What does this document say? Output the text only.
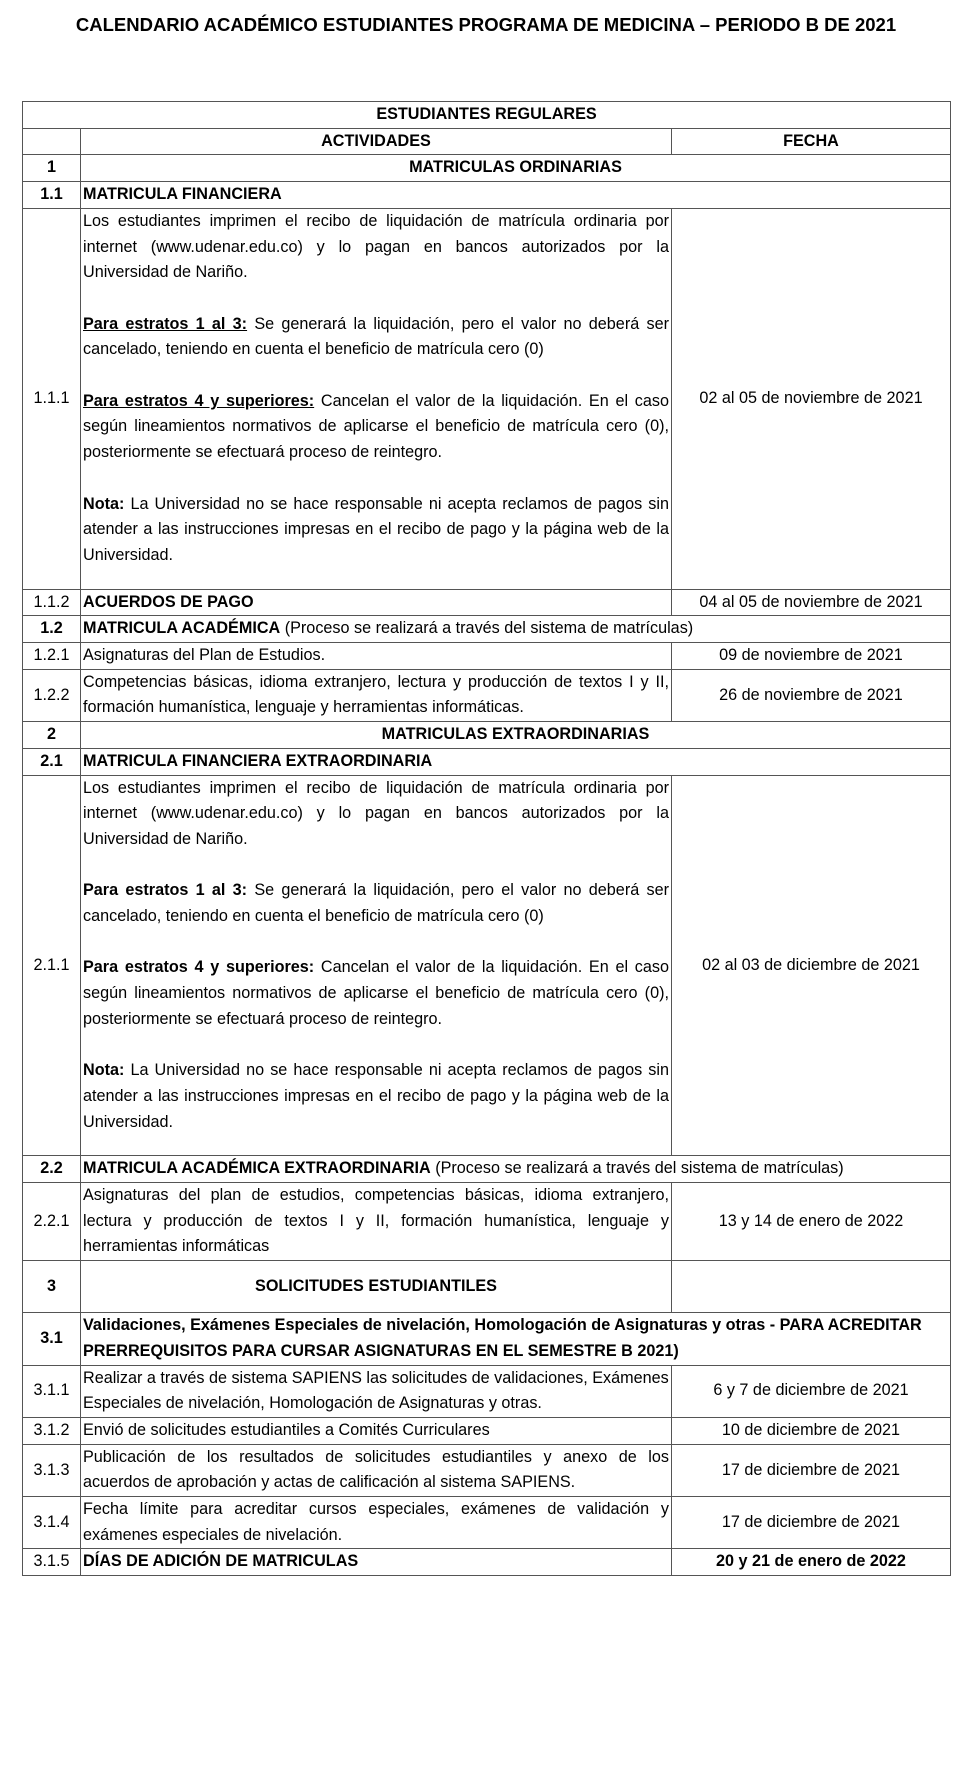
CALENDARIO ACADÉMICO ESTUDIANTES PROGRAMA DE MEDICINA – PERIODO B DE 2021
ESTUDIANTES REGULARES		
	ACTIVIDADES	FECHA
1	MATRICULAS ORDINARIAS	
1.1	MATRICULA FINANCIERA	
1.1.1	Los estudiantes imprimen el recibo de liquidación de matrícula ordinaria por internet (www.udenar.edu.co) y lo pagan en bancos autorizados por la Universidad de Nariño.

Para estratos 1 al 3: Se generará la liquidación, pero el valor no deberá ser cancelado, teniendo en cuenta el beneficio de matrícula cero (0)

Para estratos 4 y superiores: Cancelan el valor de la liquidación. En el caso según lineamientos normativos de aplicarse el beneficio de matrícula cero (0), posteriormente se efectuará proceso de reintegro.

Nota: La Universidad no se hace responsable ni acepta reclamos de pagos sin atender a las instrucciones impresas en el recibo de pago y la página web de la Universidad.	02 al 05 de noviembre de 2021
1.1.2	ACUERDOS DE PAGO	04 al 05 de noviembre de 2021
1.2	MATRICULA ACADÉMICA (Proceso se realizará a través del sistema de matrículas)	
1.2.1	Asignaturas del Plan de Estudios.	09 de noviembre de 2021
1.2.2	Competencias básicas, idioma extranjero, lectura y producción de textos I y II, formación humanística, lenguaje y herramientas informáticas.	26 de noviembre de 2021
2	MATRICULAS EXTRAORDINARIAS	
2.1	MATRICULA FINANCIERA EXTRAORDINARIA	
2.1.1	Los estudiantes imprimen el recibo de liquidación de matrícula ordinaria por internet (www.udenar.edu.co) y lo pagan en bancos autorizados por la Universidad de Nariño.

Para estratos 1 al 3: Se generará la liquidación, pero el valor no deberá ser cancelado, teniendo en cuenta el beneficio de matrícula cero (0)

Para estratos 4 y superiores: Cancelan el valor de la liquidación. En el caso según lineamientos normativos de aplicarse el beneficio de matrícula cero (0), posteriormente se efectuará proceso de reintegro.

Nota: La Universidad no se hace responsable ni acepta reclamos de pagos sin atender a las instrucciones impresas en el recibo de pago y la página web de la Universidad.	02 al 03 de diciembre de 2021
2.2	MATRICULA ACADÉMICA EXTRAORDINARIA (Proceso se realizará a través del sistema de matrículas)	
2.2.1	Asignaturas del plan de estudios, competencias básicas, idioma extranjero, lectura y producción de textos I y II, formación humanística, lenguaje y herramientas informáticas	13 y 14 de enero de 2022
3	SOLICITUDES ESTUDIANTILES	
3.1	Validaciones, Exámenes Especiales de nivelación, Homologación de Asignaturas y otras - PARA ACREDITAR PRERREQUISITOS PARA CURSAR ASIGNATURAS EN EL SEMESTRE B 2021)	
3.1.1	Realizar a través de sistema SAPIENS las solicitudes de validaciones, Exámenes Especiales de nivelación, Homologación de Asignaturas y otras.	6 y 7 de diciembre de 2021
3.1.2	Envió de solicitudes estudiantiles a Comités Curriculares	10 de diciembre de 2021
3.1.3	Publicación de los resultados de solicitudes estudiantiles y anexo de los acuerdos de aprobación y actas de calificación al sistema SAPIENS.	17 de diciembre de 2021
3.1.4	Fecha límite para acreditar cursos especiales, exámenes de validación y exámenes especiales de nivelación.	17 de diciembre de 2021
3.1.5	DÍAS DE ADICIÓN DE MATRICULAS	20 y 21 de enero de 2022
